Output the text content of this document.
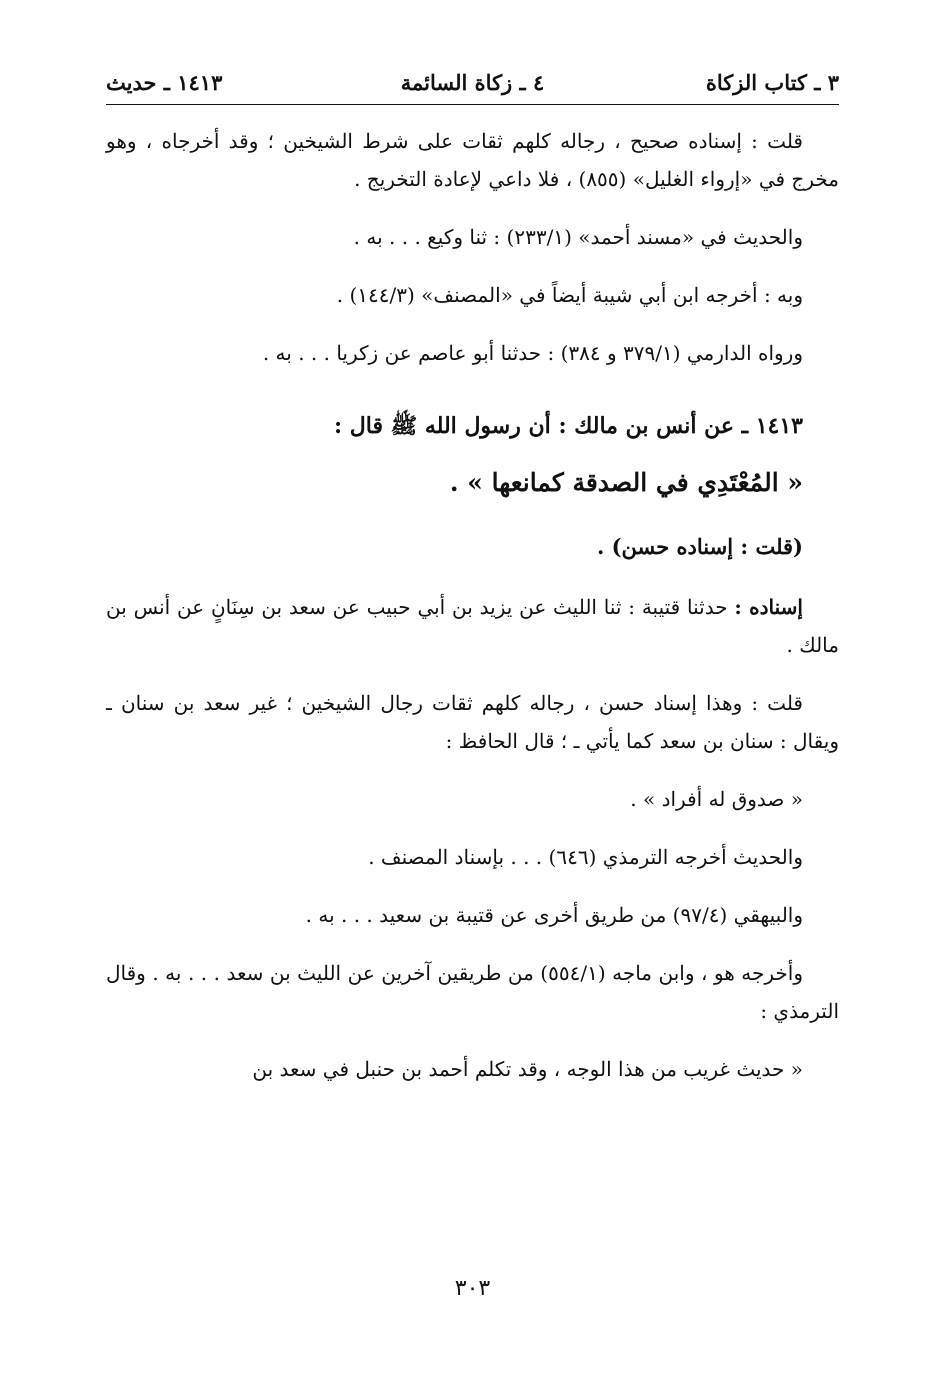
٣ ـ كتاب الزكاة
٤ ـ زكاة السائمة
١٤١٣ ـ حديث

قلت : إسناده صحيح ، رجاله كلهم ثقات على شرط الشيخين ؛ وقد أخرجاه ، وهو مخرج في «إرواء الغليل» (٨٥٥) ، فلا داعي لإعادة التخريج .

والحديث في «مسند أحمد» (٢٣٣/١) : ثنا وكيع . . . به .

وبه : أخرجه ابن أبي شيبة أيضاً في «المصنف» (١٤٤/٣) .

ورواه الدارمي (٣٧٩/١ و ٣٨٤) : حدثنا أبو عاصم عن زكريا . . . به .

١٤١٣ ـ عن أنس بن مالك : أن رسول الله ﷺ قال :

« المُعْتَدِي في الصدقة كمانعها » .

(قلت : إسناده حسن) .

إسناده : حدثنا قتيبة : ثنا الليث عن يزيد بن أبي حبيب عن سعد بن سِنَانٍ عن أنس بن مالك .

قلت : وهذا إسناد حسن ، رجاله كلهم ثقات رجال الشيخين ؛ غير سعد بن سنان ـ ويقال : سنان بن سعد كما يأتي ـ ؛ قال الحافظ :

« صدوق له أفراد » .

والحديث أخرجه الترمذي (٦٤٦) . . . بإسناد المصنف .

والبيهقي (٩٧/٤) من طريق أخرى عن قتيبة بن سعيد . . . به .

وأخرجه هو ، وابن ماجه (٥٥٤/١) من طريقين آخرين عن الليث بن سعد . . . به . وقال الترمذي :

« حديث غريب من هذا الوجه ، وقد تكلم أحمد بن حنبل في سعد بن

٣٠٣
